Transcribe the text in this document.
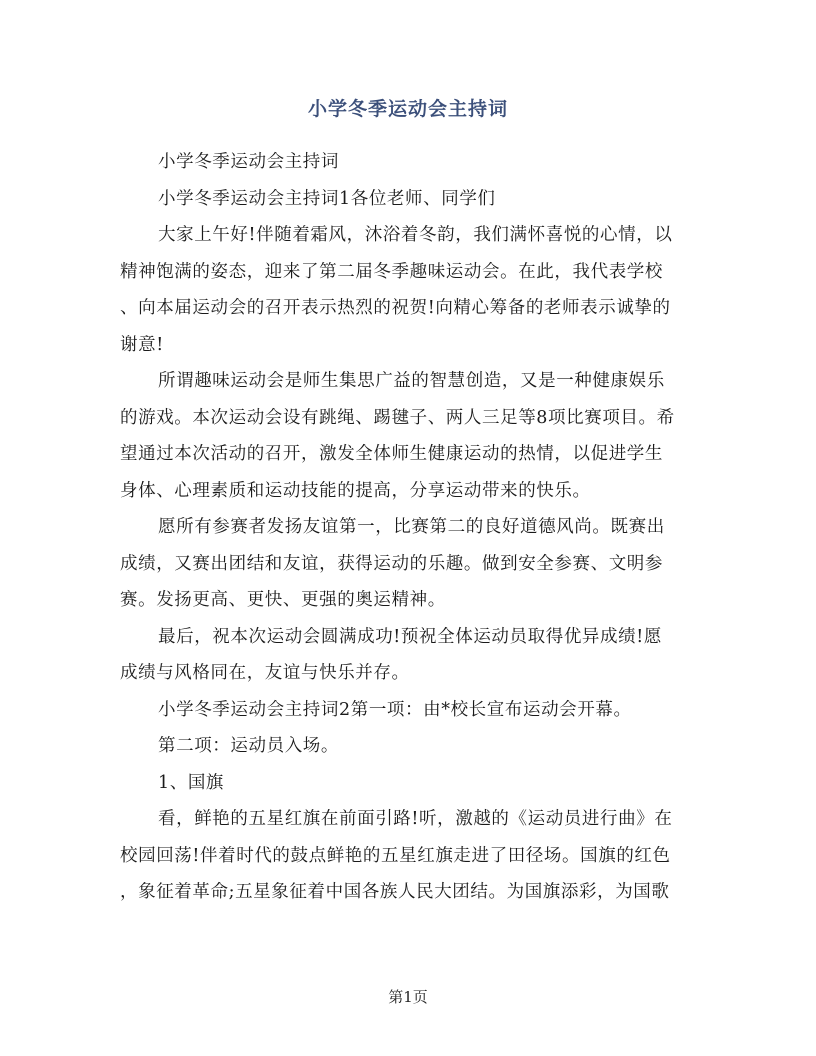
小学冬季运动会主持词
小学冬季运动会主持词
小学冬季运动会主持词1各位老师、同学们
大家上午好!伴随着霜风，沐浴着冬韵，我们满怀喜悦的心情，以
精神饱满的姿态，迎来了第二届冬季趣味运动会。在此，我代表学校
、向本届运动会的召开表示热烈的祝贺!向精心筹备的老师表示诚挚的
谢意!
所谓趣味运动会是师生集思广益的智慧创造，又是一种健康娱乐
的游戏。本次运动会设有跳绳、踢毽子、两人三足等8项比赛项目。希
望通过本次活动的召开，激发全体师生健康运动的热情，以促进学生
身体、心理素质和运动技能的提高，分享运动带来的快乐。
愿所有参赛者发扬友谊第一，比赛第二的良好道德风尚。既赛出
成绩，又赛出团结和友谊，获得运动的乐趣。做到安全参赛、文明参
赛。发扬更高、更快、更强的奥运精神。
最后，祝本次运动会圆满成功!预祝全体运动员取得优异成绩!愿
成绩与风格同在，友谊与快乐并存。
小学冬季运动会主持词2第一项：由*校长宣布运动会开幕。
第二项：运动员入场。
1、国旗
看，鲜艳的五星红旗在前面引路!听，激越的《运动员进行曲》在
校园回荡!伴着时代的鼓点鲜艳的五星红旗走进了田径场。国旗的红色
，象征着革命;五星象征着中国各族人民大团结。为国旗添彩，为国歌
第1页
